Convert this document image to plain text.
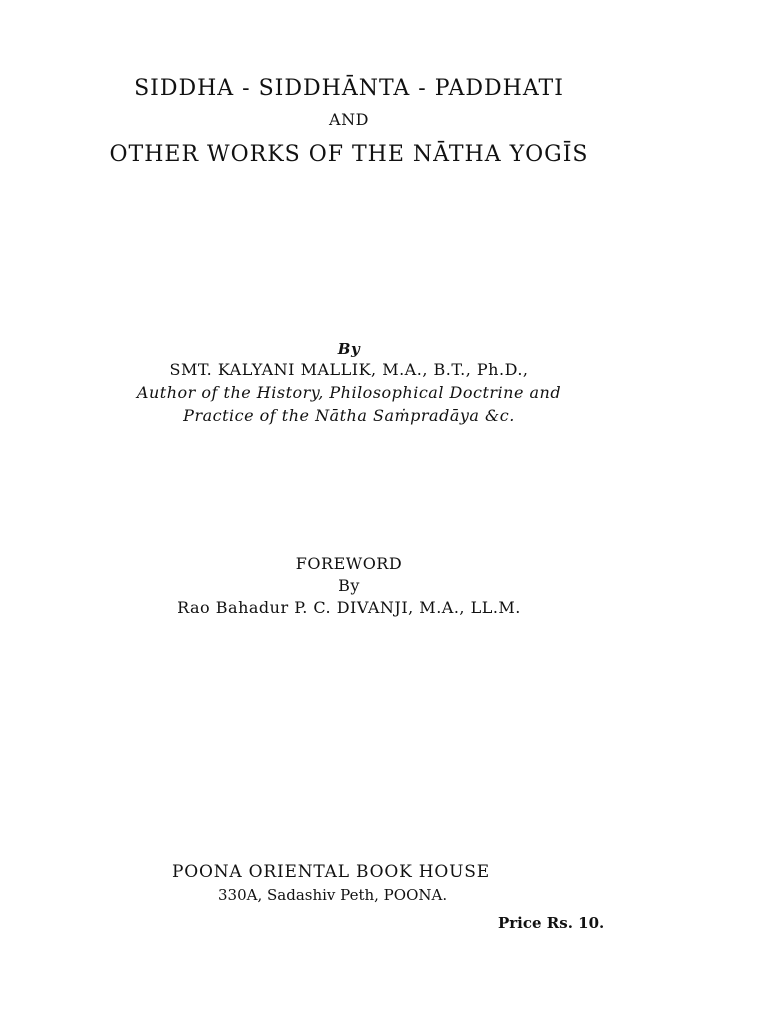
SIDDHA - SIDDHĀNTA - PADDHATI
AND
OTHER WORKS OF THE NĀTHA YOGĪS
By
SMT. KALYANI MALLIK, M.A., B.T., Ph.D.,
Author of the History, Philosophical Doctrine and
Practice of the Nātha Saṁpradāya &c.
FOREWORD
By
Rao Bahadur P. C. DIVANJI, M.A., LL.M.
POONA ORIENTAL BOOK HOUSE
330A, Sadashiv Peth, POONA.
Price Rs. 10.
